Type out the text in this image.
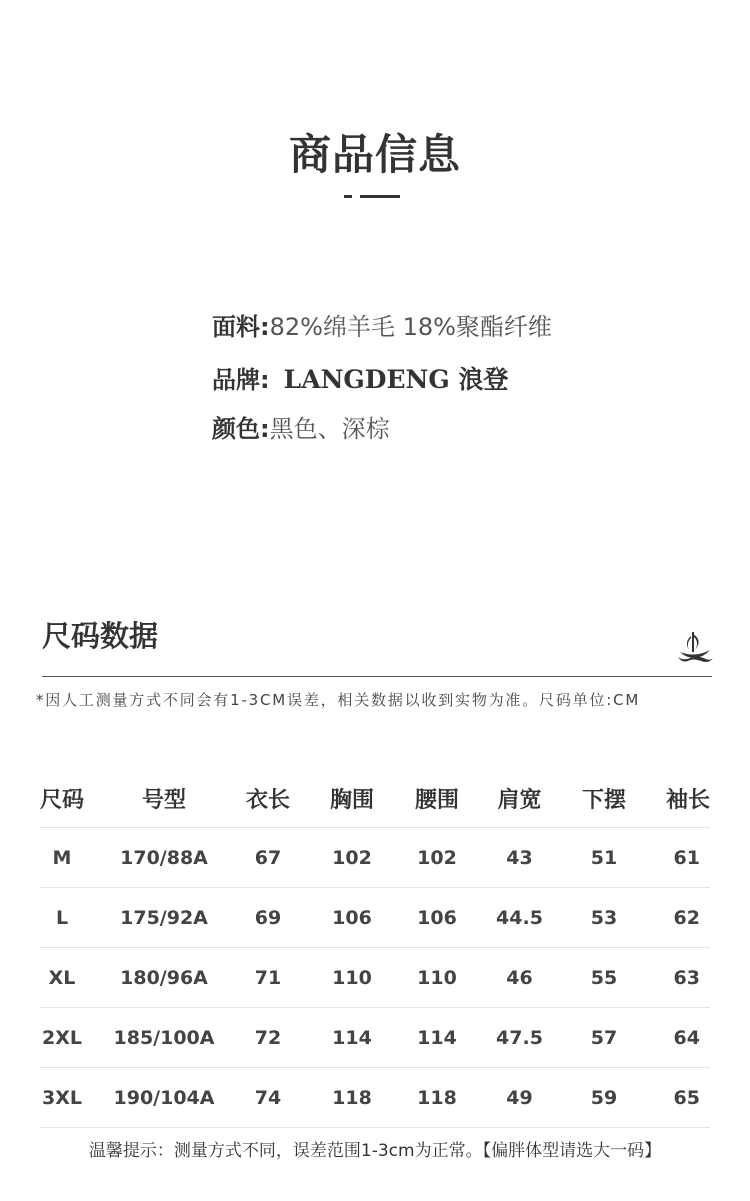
商品信息
面料:82%绵羊毛 18%聚酯纤维
品牌: LANGDENG 浪登
颜色:黑色、深棕
尺码数据
*因人工测量方式不同会有1-3CM误差，相关数据以收到实物为准。尺码单位:CM
尺码	号型	衣长	胸围	腰围	肩宽	下摆	袖长
M	170/88A	67	102	102	43	51	61
L	175/92A	69	106	106	44.5	53	62
XL	180/96A	71	110	110	46	55	63
2XL	185/100A	72	114	114	47.5	57	64
3XL	190/104A	74	118	118	49	59	65
温馨提示：测量方式不同，误差范围1-3cm为正常。【偏胖体型请选大一码】
